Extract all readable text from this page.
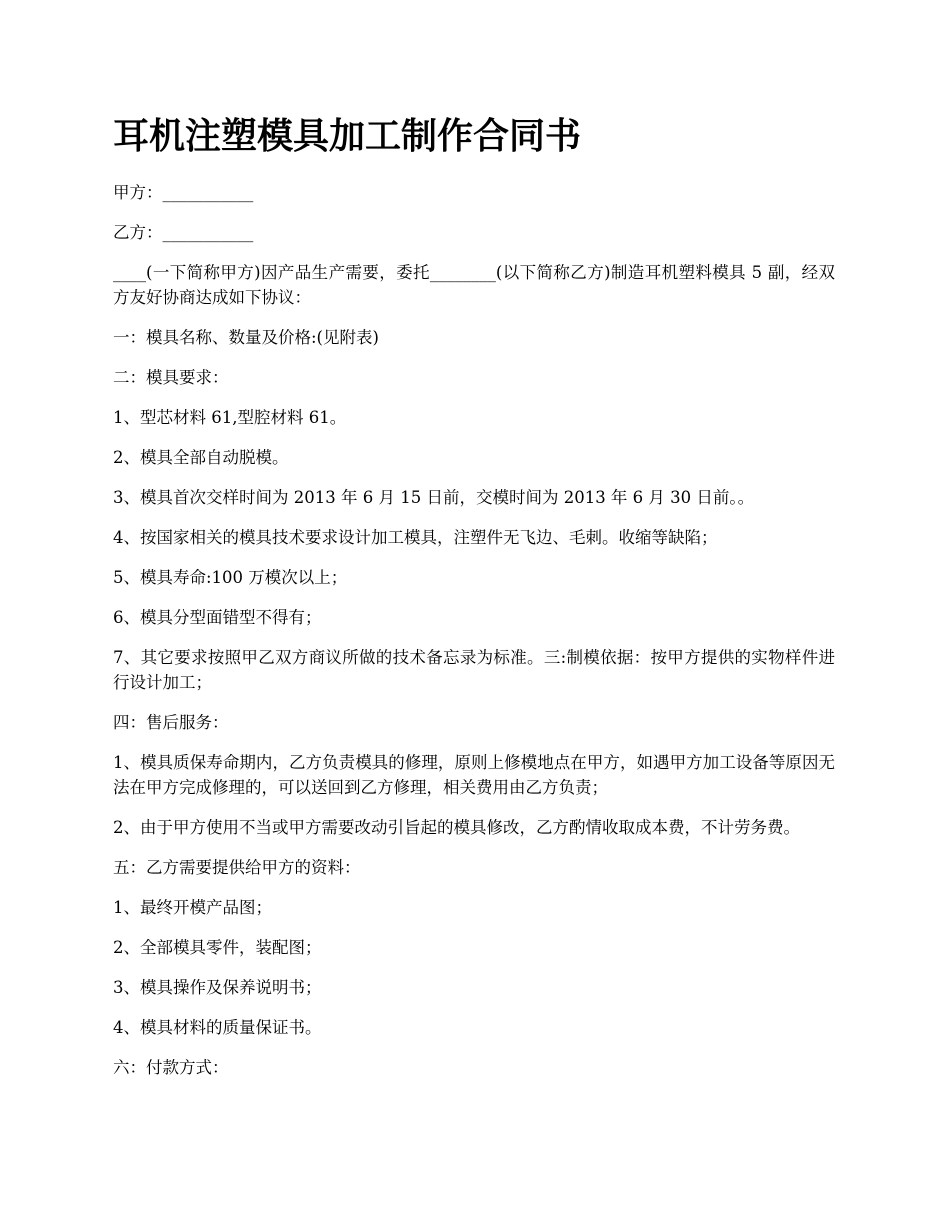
耳机注塑模具加工制作合同书

甲方：___________

乙方：___________

____(一下简称甲方)因产品生产需要，委托________(以下简称乙方)制造耳机塑料模具 5 副，经双方友好协商达成如下协议：

一：模具名称、数量及价格:(见附表)

二：模具要求：

1、型芯材料 61,型腔材料 61。

2、模具全部自动脱模。

3、模具首次交样时间为 2013 年 6 月 15 日前，交模时间为 2013 年 6 月 30 日前。。

4、按国家相关的模具技术要求设计加工模具，注塑件无飞边、毛刺。收缩等缺陷；

5、模具寿命:100 万模次以上；

6、模具分型面错型不得有；

7、其它要求按照甲乙双方商议所做的技术备忘录为标准。三:制模依据：按甲方提供的实物样件进行设计加工；

四：售后服务：

1、模具质保寿命期内，乙方负责模具的修理，原则上修模地点在甲方，如遇甲方加工设备等原因无法在甲方完成修理的，可以送回到乙方修理，相关费用由乙方负责；

2、由于甲方使用不当或甲方需要改动引旨起的模具修改，乙方酌情收取成本费，不计劳务费。

五：乙方需要提供给甲方的资料：

1、最终开模产品图；

2、全部模具零件，装配图；

3、模具操作及保养说明书；

4、模具材料的质量保证书。

六：付款方式：
